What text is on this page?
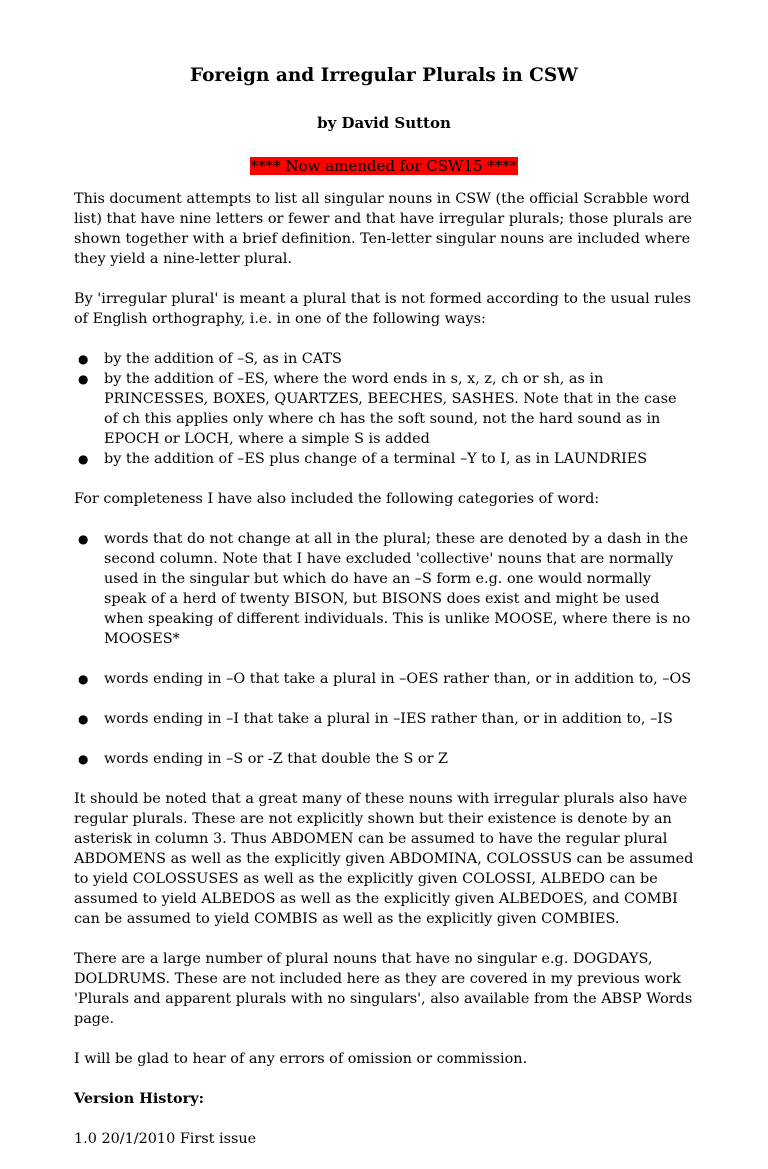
Foreign and Irregular Plurals in CSW
by David Sutton
**** Now amended for CSW15 ****

This document attempts to list all singular nouns in CSW (the official Scrabble word list) that have nine letters or fewer and that have irregular plurals; those plurals are shown together with a brief definition. Ten-letter singular nouns are included where they yield a nine-letter plural.

By 'irregular plural' is meant a plural that is not formed according to the usual rules of English orthography, i.e. in one of the following ways:

● by the addition of –S, as in CATS
● by the addition of –ES, where the word ends in s, x, z, ch or sh, as in PRINCESSES, BOXES, QUARTZES, BEECHES, SASHES. Note that in the case of ch this applies only where ch has the soft sound, not the hard sound as in EPOCH or LOCH, where a simple S is added
● by the addition of –ES plus change of a terminal –Y to I, as in LAUNDRIES

For completeness I have also included the following categories of word:

● words that do not change at all in the plural; these are denoted by a dash in the second column. Note that I have excluded 'collective' nouns that are normally used in the singular but which do have an –S form e.g. one would normally speak of a herd of twenty BISON, but BISONS does exist and might be used when speaking of different individuals. This is unlike MOOSE, where there is no MOOSES*
● words ending in –O that take a plural in –OES rather than, or in addition to, –OS
● words ending in –I that take a plural in –IES rather than, or in addition to, –IS
● words ending in –S or -Z that double the S or Z

It should be noted that a great many of these nouns with irregular plurals also have regular plurals. These are not explicitly shown but their existence is denote by an asterisk in column 3. Thus ABDOMEN can be assumed to have the regular plural ABDOMENS as well as the explicitly given ABDOMINA, COLOSSUS can be assumed to yield COLOSSUSES as well as the explicitly given COLOSSI, ALBEDO can be assumed to yield ALBEDOS as well as the explicitly given ALBEDOES, and COMBI can be assumed to yield COMBIS as well as the explicitly given COMBIES.

There are a large number of plural nouns that have no singular e.g. DOGDAYS, DOLDRUMS. These are not included here as they are covered in my previous work 'Plurals and apparent plurals with no singulars', also available from the ABSP Words page.

I will be glad to hear of any errors of omission or commission.

Version History:

1.0 20/1/2010 First issue
